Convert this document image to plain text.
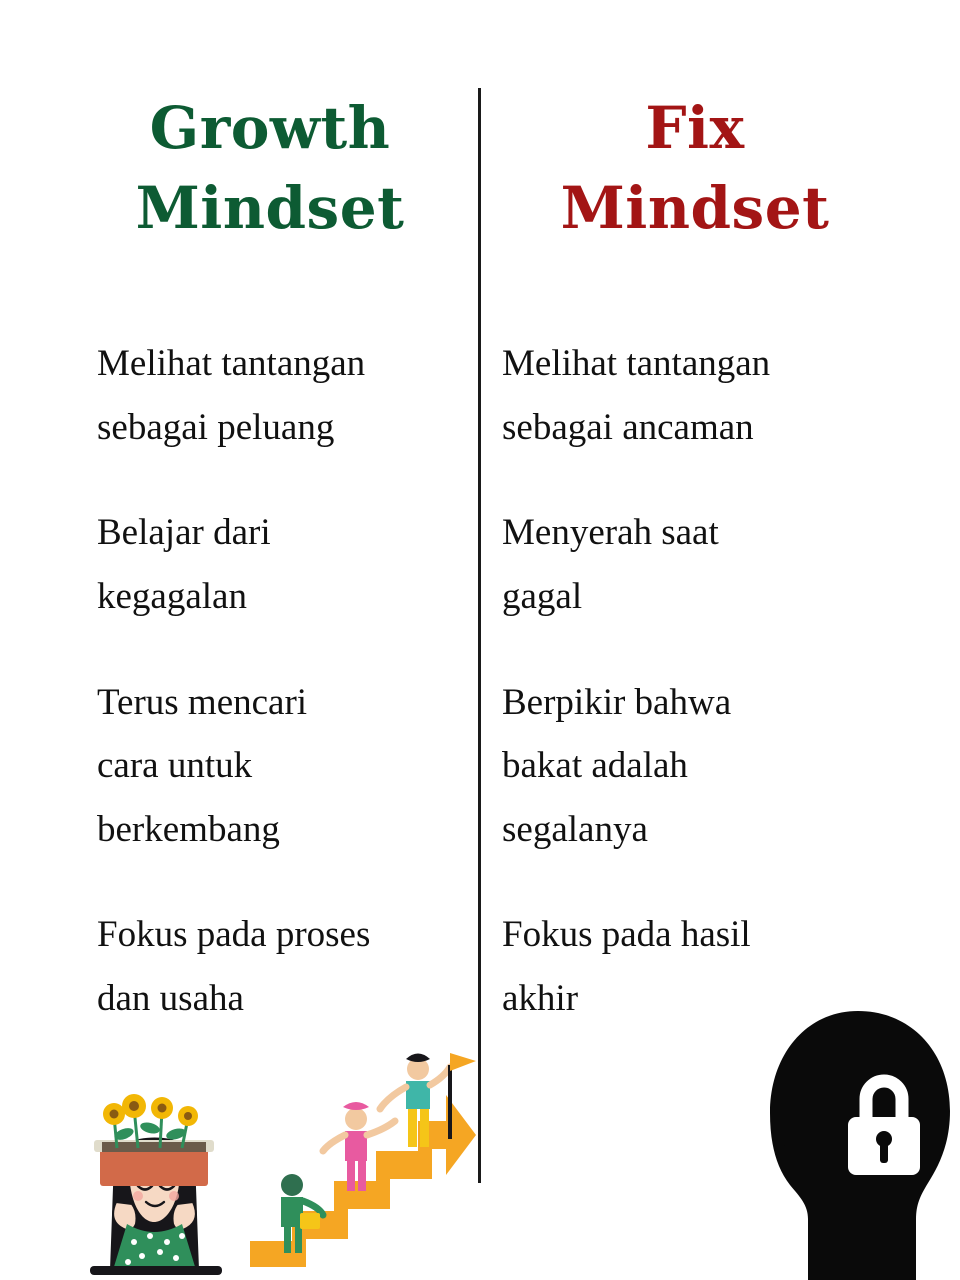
Growth
Mindset
Melihat tantangan
sebagai peluang
Belajar dari
kegagalan
Terus mencari
cara untuk
berkembang
Fokus pada proses
dan usaha
Fix
Mindset
Melihat tantangan
sebagai ancaman
Menyerah saat
gagal
Berpikir bahwa
bakat adalah
segalanya
Fokus pada hasil
akhir
